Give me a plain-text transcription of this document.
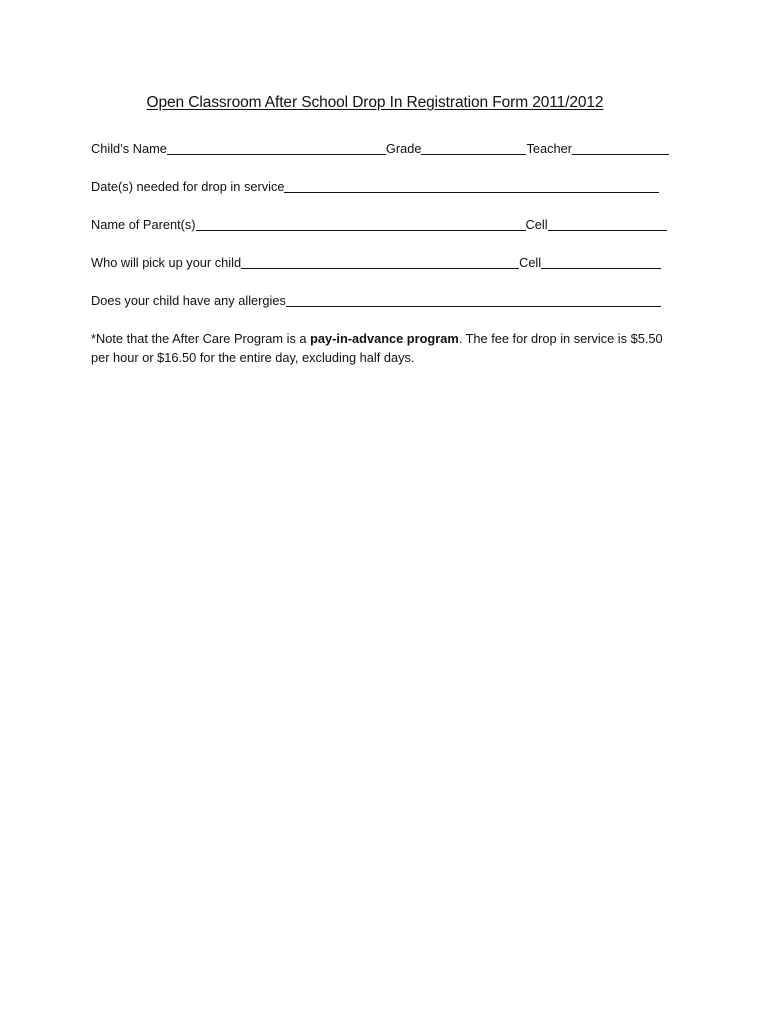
Open Classroom After School Drop In Registration Form 2011/2012
Child’s Name	Grade	Teacher
Date(s) needed for drop in service
Name of Parent(s)	Cell
Who will pick up your child	Cell
Does your child have any allergies
*Note that the After Care Program is a pay-in-advance program. The fee for drop in service is $5.50 per hour or $16.50 for the entire day, excluding half days.
